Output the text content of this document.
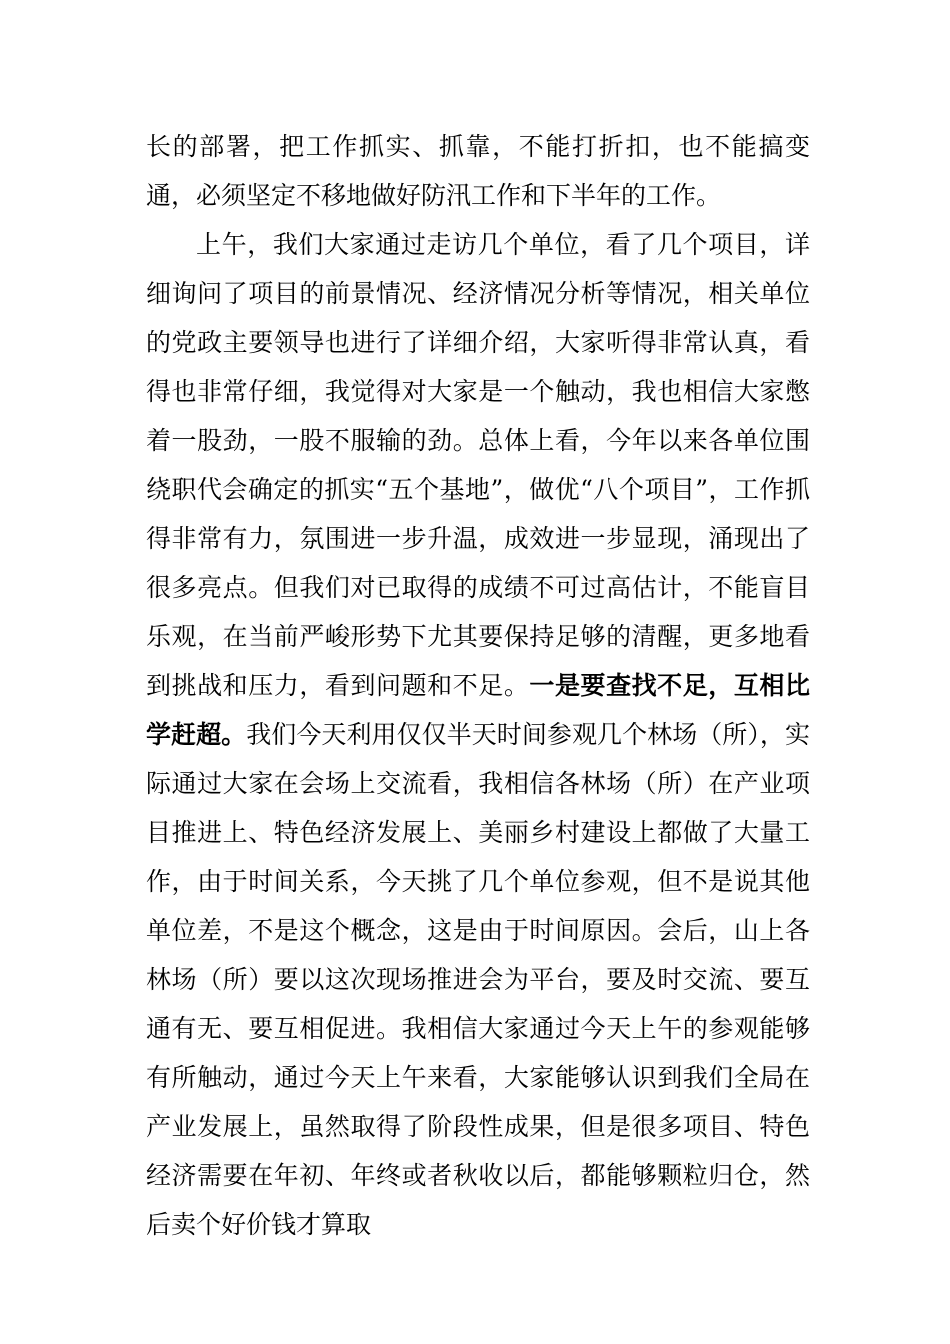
长的部署，把工作抓实、抓靠，不能打折扣，也不能搞变通，必须坚定不移地做好防汛工作和下半年的工作。

上午，我们大家通过走访几个单位，看了几个项目，详细询问了项目的前景情况、经济情况分析等情况，相关单位的党政主要领导也进行了详细介绍，大家听得非常认真，看得也非常仔细，我觉得对大家是一个触动，我也相信大家憋着一股劲，一股不服输的劲。总体上看，今年以来各单位围绕职代会确定的抓实“五个基地”，做优“八个项目”，工作抓得非常有力，氛围进一步升温，成效进一步显现，涌现出了很多亮点。但我们对已取得的成绩不可过高估计，不能盲目乐观，在当前严峻形势下尤其要保持足够的清醒，更多地看到挑战和压力，看到问题和不足。一是要查找不足，互相比学赶超。我们今天利用仅仅半天时间参观几个林场（所），实际通过大家在会场上交流看，我相信各林场（所）在产业项目推进上、特色经济发展上、美丽乡村建设上都做了大量工作，由于时间关系，今天挑了几个单位参观，但不是说其他单位差，不是这个概念，这是由于时间原因。会后，山上各林场（所）要以这次现场推进会为平台，要及时交流、要互通有无、要互相促进。我相信大家通过今天上午的参观能够有所触动，通过今天上午来看，大家能够认识到我们全局在产业发展上，虽然取得了阶段性成果，但是很多项目、特色经济需要在年初、年终或者秋收以后，都能够颗粒归仓，然后卖个好价钱才算取
